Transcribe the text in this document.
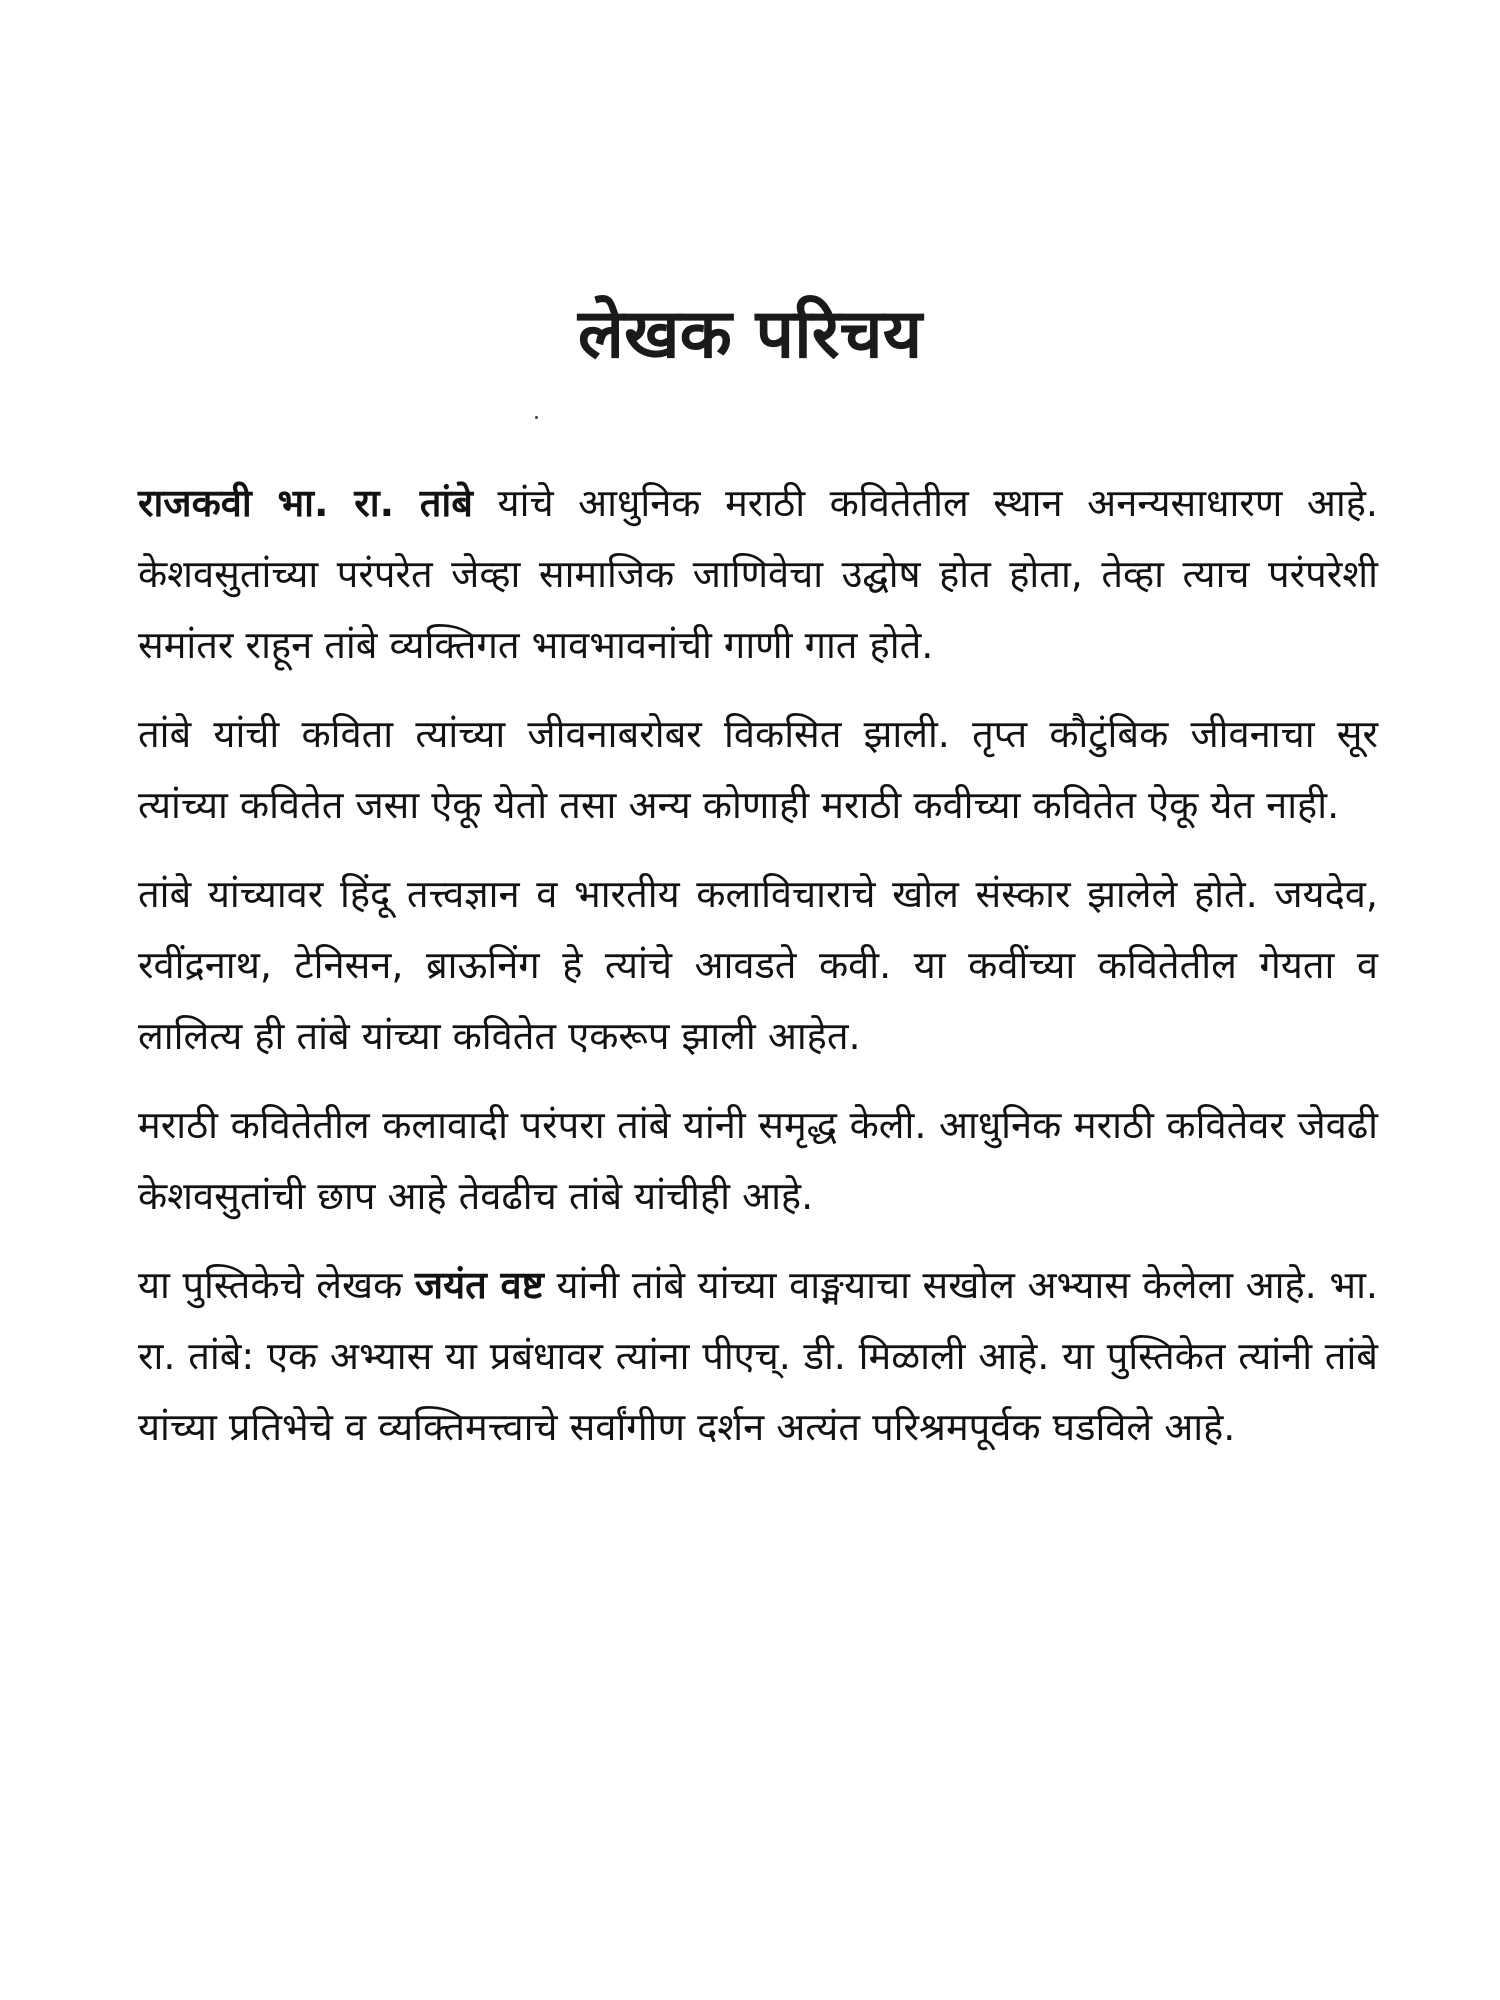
लेखक परिचय

राजकवी भा. रा. तांबे यांचे आधुनिक मराठी कवितेतील स्थान अनन्यसाधारण आहे. केशवसुतांच्या परंपरेत जेव्हा सामाजिक जाणिवेचा उद्घोष होत होता, तेव्हा त्याच परंपरेशी समांतर राहून तांबे व्यक्तिगत भावभावनांची गाणी गात होते.

तांबे यांची कविता त्यांच्या जीवनाबरोबर विकसित झाली. तृप्त कौटुंबिक जीवनाचा सूर त्यांच्या कवितेत जसा ऐकू येतो तसा अन्य कोणाही मराठी कवीच्या कवितेत ऐकू येत नाही.

तांबे यांच्यावर हिंदू तत्त्वज्ञान व भारतीय कलाविचाराचे खोल संस्कार झालेले होते. जयदेव, रवींद्रनाथ, टेनिसन, ब्राऊनिंग हे त्यांचे आवडते कवी. या कवींच्या कवितेतील गेयता व लालित्य ही तांबे यांच्या कवितेत एकरूप झाली आहेत.

मराठी कवितेतील कलावादी परंपरा तांबे यांनी समृद्ध केली. आधुनिक मराठी कवितेवर जेवढी केशवसुतांची छाप आहे तेवढीच तांबे यांचीही आहे.

या पुस्तिकेचे लेखक जयंत वष्ट यांनी तांबे यांच्या वाङ्मयाचा सखोल अभ्यास केलेला आहे. भा. रा. तांबे: एक अभ्यास या प्रबंधावर त्यांना पीएच्. डी. मिळाली आहे. या पुस्तिकेत त्यांनी तांबे यांच्या प्रतिभेचे व व्यक्तिमत्त्वाचे सर्वांगीण दर्शन अत्यंत परिश्रमपूर्वक घडविले आहे.
